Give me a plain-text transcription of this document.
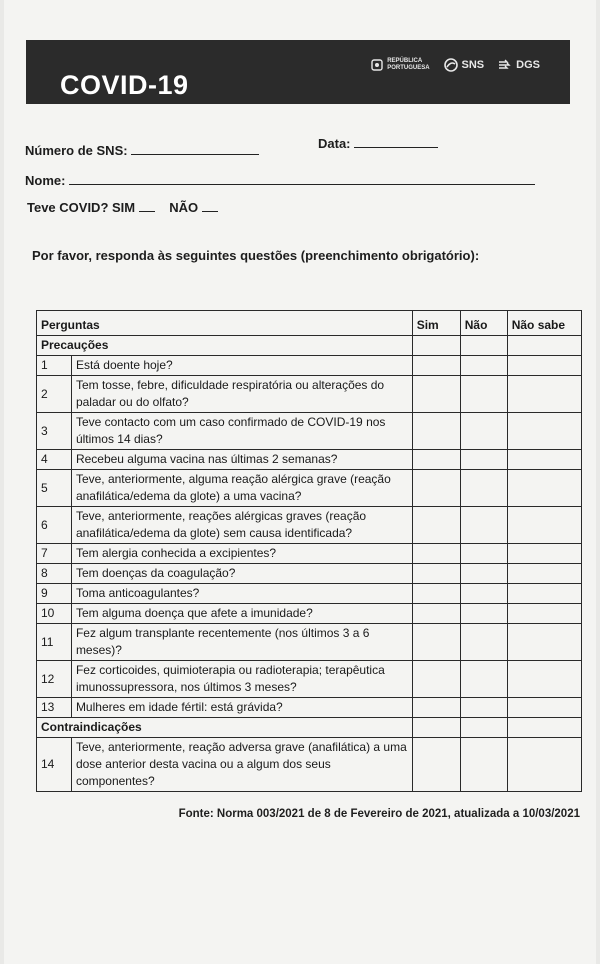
COVID-19
REPÚBLICA
PORTUGUESA	SNS	DGS
Número de SNS:	Data:
Nome:
Teve COVID? SIM	NÃO
Por favor, responda às seguintes questões (preenchimento obrigatório):
Perguntas		Sim	Não	Não sabe
Precauções				
1	Está doente hoje?			
2	Tem tosse, febre, dificuldade respiratória ou alterações do paladar ou do olfato?			
3	Teve contacto com um caso confirmado de COVID-19 nos últimos 14 dias?			
4	Recebeu alguma vacina nas últimas 2 semanas?			
5	Teve, anteriormente, alguma reação alérgica grave (reação anafilática/edema da glote) a uma vacina?			
6	Teve, anteriormente, reações alérgicas graves (reação anafilática/edema da glote) sem causa identificada?			
7	Tem alergia conhecida a excipientes?			
8	Tem doenças da coagulação?			
9	Toma anticoagulantes?			
10	Tem alguma doença que afete a imunidade?			
11	Fez algum transplante recentemente (nos últimos 3 a 6 meses)?			
12	Fez corticoides, quimioterapia ou radioterapia; terapêutica imunossupressora, nos últimos 3 meses?			
13	Mulheres em idade fértil: está grávida?			
Contraindicações				
14	Teve, anteriormente, reação adversa grave (anafilática) a uma dose anterior desta vacina ou a algum dos seus componentes?			
Fonte: Norma 003/2021 de 8 de Fevereiro de 2021, atualizada a 10/03/2021
